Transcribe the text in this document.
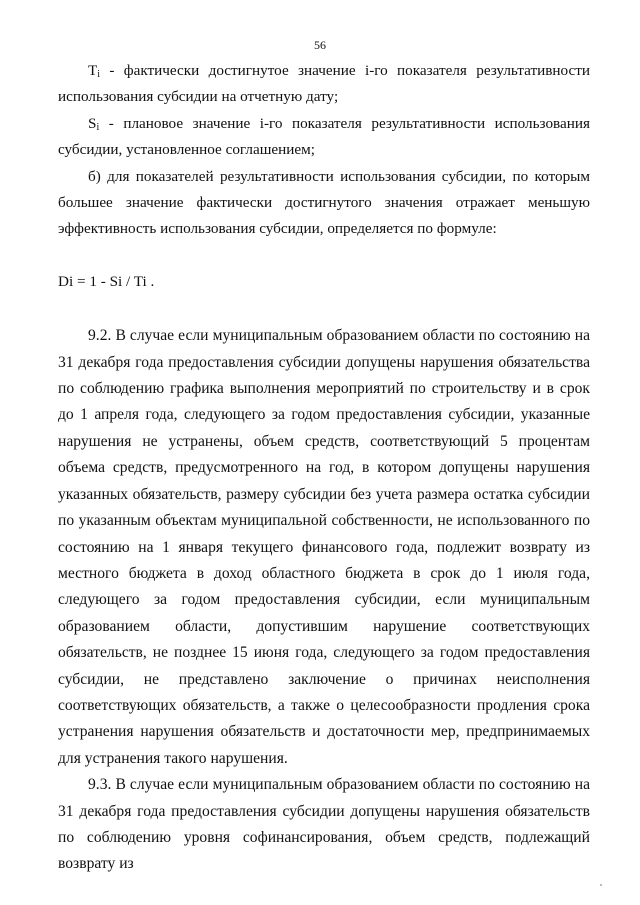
56

$T_i$ - фактически достигнутое значение i-го показателя результативности использования субсидии на отчетную дату;

$S_i$ - плановое значение i-го показателя результативности использования субсидии, установленное соглашением;

б) для показателей результативности использования субсидии, по которым большее значение фактически достигнутого значения отражает меньшую эффективность использования субсидии, определяется по формуле:

Di = 1 - Si / Ti .

9.2. В случае если муниципальным образованием области по состоянию на 31 декабря года предоставления субсидии допущены нарушения обязательства по соблюдению графика выполнения мероприятий по строительству и в срок до 1 апреля года, следующего за годом предоставления субсидии, указанные нарушения не устранены, объем средств, соответствующий 5 процентам объема средств, предусмотренного на год, в котором допущены нарушения указанных обязательств, размеру субсидии без учета размера остатка субсидии по указанным объектам муниципальной собственности, не использованного по состоянию на 1 января текущего финансового года, подлежит возврату из местного бюджета в доход областного бюджета в срок до 1 июля года, следующего за годом предоставления субсидии, если муниципальным образованием области, допустившим нарушение соответствующих обязательств, не позднее 15 июня года, следующего за годом предоставления субсидии, не представлено заключение о причинах неисполнения соответствующих обязательств, а также о целесообразности продления срока устранения нарушения обязательств и достаточности мер, предпринимаемых для устранения такого нарушения.

9.3. В случае если муниципальным образованием области по состоянию на 31 декабря года предоставления субсидии допущены нарушения обязательств по соблюдению уровня софинансирования, объем средств, подлежащий возврату из
